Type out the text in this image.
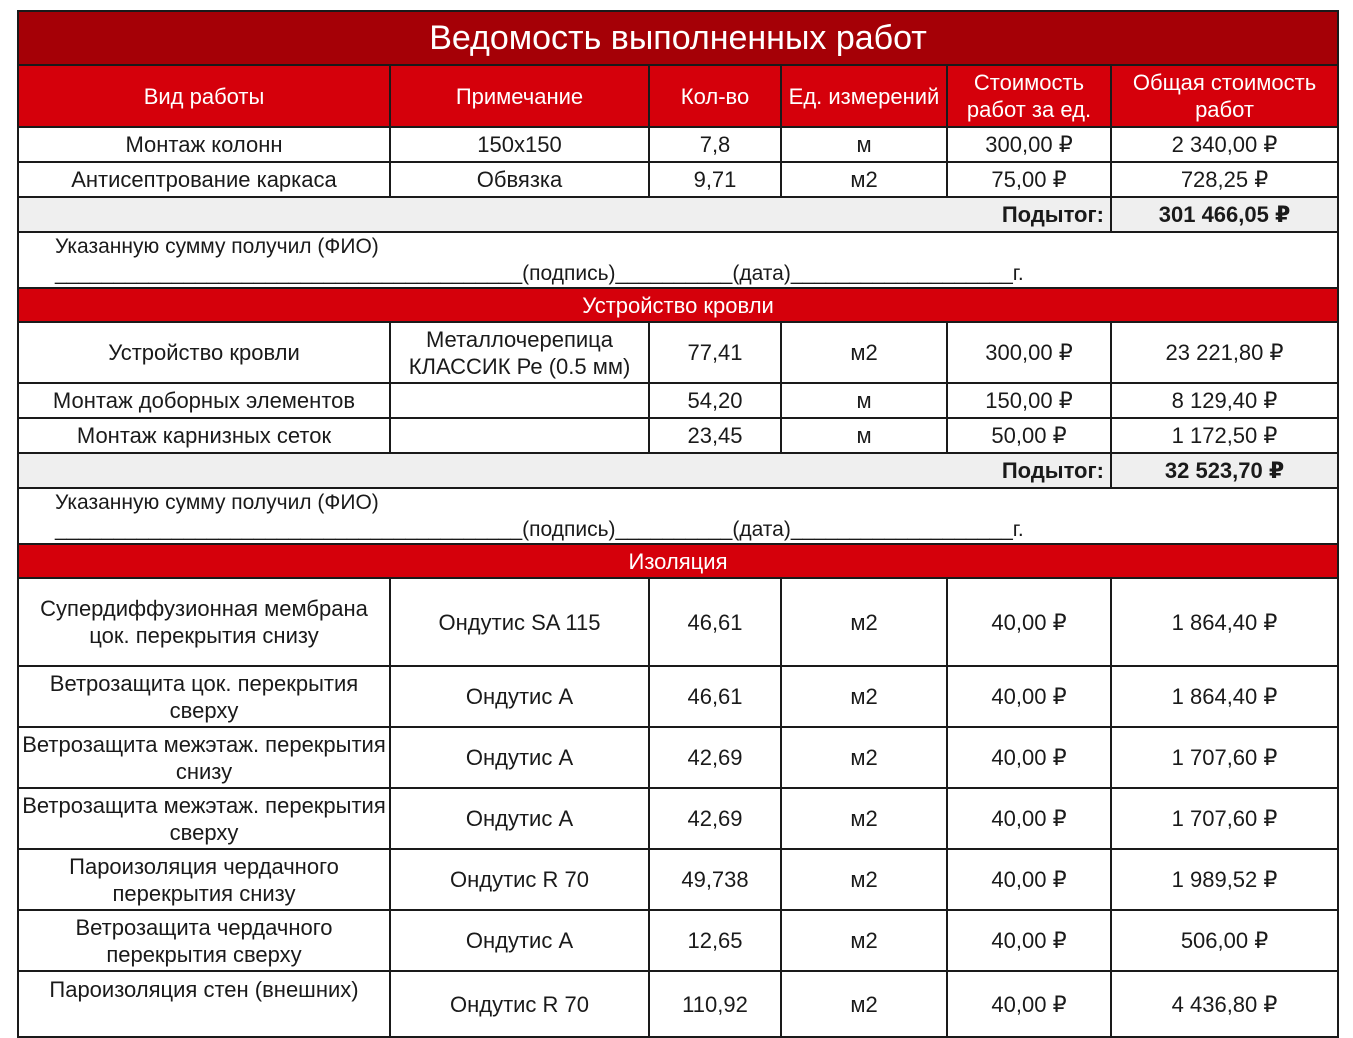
Ведомость выполненных работ					
Вид работы	Примечание	Кол-во	Ед. измерений	Стоимость работ за ед.	Общая стоимость работ
Монтаж колонн	150х150	7,8	м	300,00 ₽	2 340,00 ₽
Антисептрование каркаса	Обвязка	9,71	м2	75,00 ₽	728,25 ₽
Подытог:					301 466,05 ₽
Указанную сумму получил (ФИО) ________________________________________(подпись)__________(дата)___________________г.					
Устройство кровли					
Устройство кровли	Металлочерепица КЛАССИК Ре (0.5 мм)	77,41	м2	300,00 ₽	23 221,80 ₽
Монтаж доборных элементов		54,20	м	150,00 ₽	8 129,40 ₽
Монтаж карнизных сеток		23,45	м	50,00 ₽	1 172,50 ₽
Подытог:					32 523,70 ₽
Указанную сумму получил (ФИО) ________________________________________(подпись)__________(дата)___________________г.					
Изоляция					
Супердиффузионная мембрана цок. перекрытия снизу	Ондутис SA 115	46,61	м2	40,00 ₽	1 864,40 ₽
Ветрозащита цок. перекрытия сверху	Ондутис А	46,61	м2	40,00 ₽	1 864,40 ₽
Ветрозащита межэтаж. перекрытия снизу	Ондутис А	42,69	м2	40,00 ₽	1 707,60 ₽
Ветрозащита межэтаж. перекрытия сверху	Ондутис А	42,69	м2	40,00 ₽	1 707,60 ₽
Пароизоляция чердачного перекрытия снизу	Ондутис R 70	49,738	м2	40,00 ₽	1 989,52 ₽
Ветрозащита чердачного перекрытия сверху	Ондутис А	12,65	м2	40,00 ₽	506,00 ₽
Пароизоляция стен (внешних)	Ондутис R 70	110,92	м2	40,00 ₽	4 436,80 ₽
